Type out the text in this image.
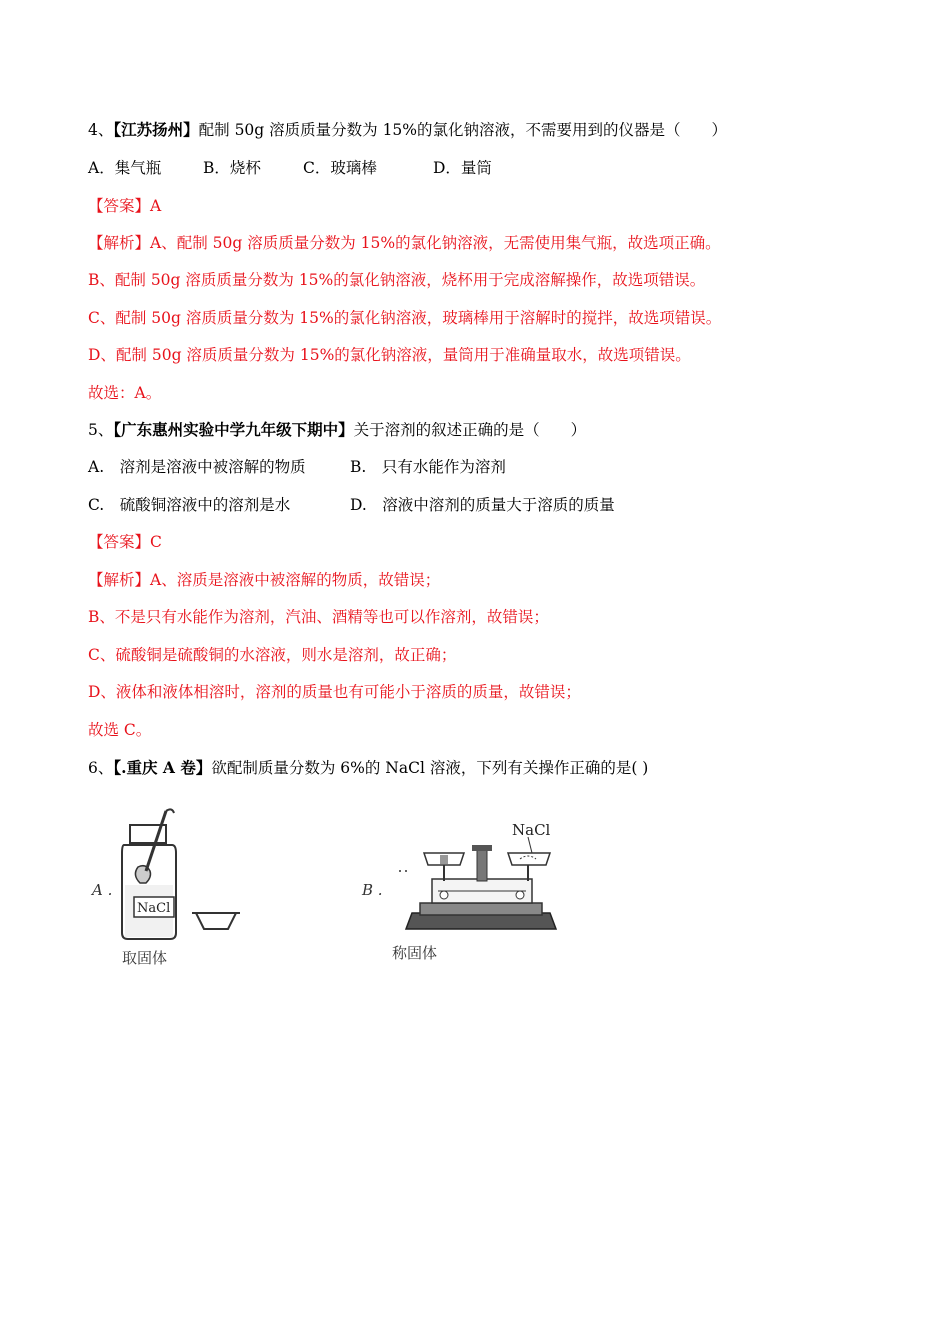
4、【江苏扬州】配制 50g 溶质质量分数为 15%的氯化钠溶液，不需要用到的仪器是（　　）
A．集气瓶	B．烧杯	C．玻璃棒	D．量筒
【答案】A
【解析】A、配制 50g 溶质质量分数为 15%的氯化钠溶液，无需使用集气瓶，故选项正确。
B、配制 50g 溶质质量分数为 15%的氯化钠溶液，烧杯用于完成溶解操作，故选项错误。
C、配制 50g 溶质质量分数为 15%的氯化钠溶液，玻璃棒用于溶解时的搅拌，故选项错误。
D、配制 50g 溶质质量分数为 15%的氯化钠溶液，量筒用于准确量取水，故选项错误。
故选：A。
5、【广东惠州实验中学九年级下期中】关于溶剂的叙述正确的是（　　）
A.　溶剂是溶液中被溶解的物质	B.　只有水能作为溶剂
C.　硫酸铜溶液中的溶剂是水	D.　溶液中溶剂的质量大于溶质的质量
【答案】C
【解析】A、溶质是溶液中被溶解的物质，故错误；
B、不是只有水能作为溶剂，汽油、酒精等也可以作溶剂，故错误；
C、硫酸铜是硫酸铜的水溶液，则水是溶剂，故正确；
D、液体和液体相溶时，溶剂的质量也有可能小于溶质的质量，故错误；
故选 C。
6、【.重庆 A 卷】欲配制质量分数为 6%的 NaCl 溶液，下列有关操作正确的是( )
A .
NaCl
取固体
B .
NaCl
称固体
